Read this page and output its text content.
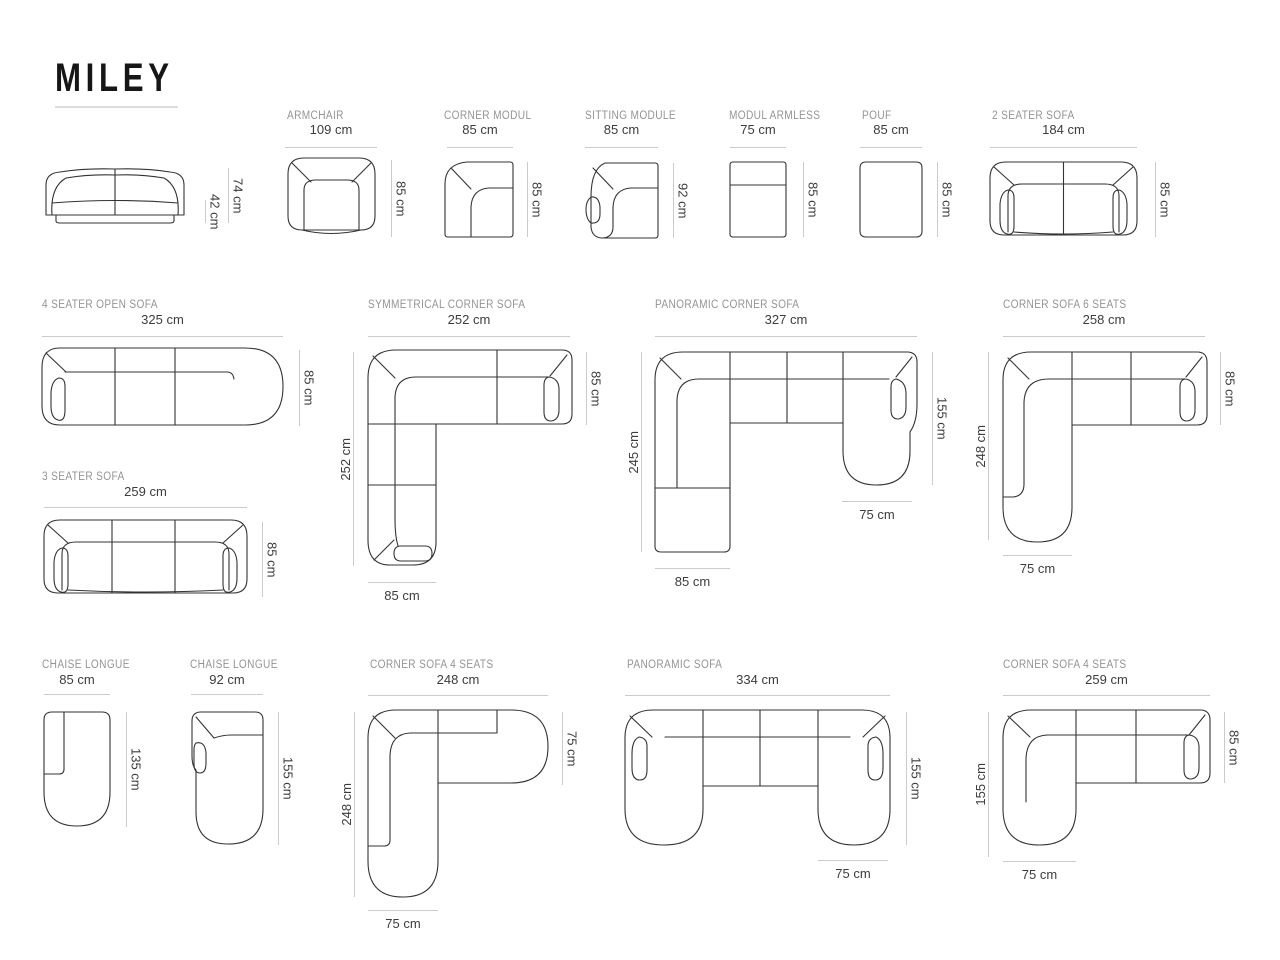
MILEY
42 cm 74 cm
ARMCHAIR
109 cm
85 cm
CORNER MODUL
85 cm
85 cm
SITTING MODULE
85 cm
92 cm
MODUL ARMLESS
75 cm
85 cm
POUF
85 cm
85 cm
2 SEATER SOFA
184 cm
85 cm
4 SEATER OPEN SOFA
325 cm
85 cm
SYMMETRICAL CORNER SOFA
252 cm
252 cm
85 cm
85 cm
PANORAMIC CORNER SOFA
327 cm
245 cm
155 cm
75 cm
85 cm
CORNER SOFA 6 SEATS
258 cm
248 cm
85 cm
75 cm
3 SEATER SOFA
259 cm
85 cm
CHAISE LONGUE
85 cm
135 cm
CHAISE LONGUE
92 cm
155 cm
CORNER SOFA 4 SEATS
248 cm
248 cm
75 cm
75 cm
PANORAMIC SOFA
334 cm
155 cm
75 cm
CORNER SOFA 4 SEATS
259 cm
155 cm
85 cm
75 cm
